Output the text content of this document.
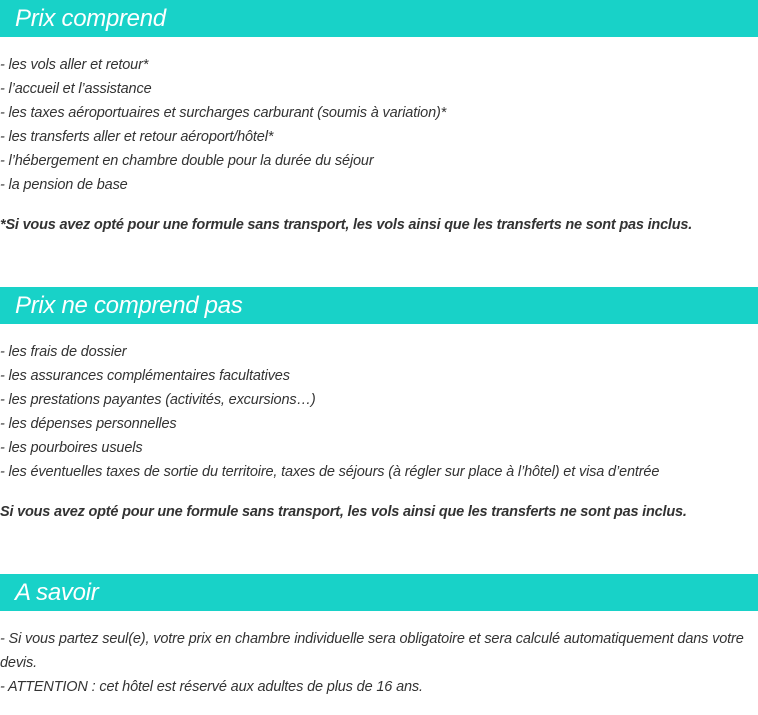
Prix comprend
- les vols aller et retour*
- l’accueil et l’assistance
- les taxes aéroportuaires et surcharges carburant (soumis à variation)*
- les transferts aller et retour aéroport/hôtel*
- l’hébergement en chambre double pour la durée du séjour
- la pension de base
*Si vous avez opté pour une formule sans transport, les vols ainsi que les transferts ne sont pas inclus.
Prix ne comprend pas
- les frais de dossier
- les assurances complémentaires facultatives
- les prestations payantes (activités, excursions…)
- les dépenses personnelles
- les pourboires usuels
- les éventuelles taxes de sortie du territoire, taxes de séjours (à régler sur place à l’hôtel) et visa d’entrée
Si vous avez opté pour une formule sans transport, les vols ainsi que les transferts ne sont pas inclus.
A savoir
- Si vous partez seul(e), votre prix en chambre individuelle sera obligatoire et sera calculé automatiquement dans votre devis.
- ATTENTION : cet hôtel est réservé aux adultes de plus de 16 ans.
